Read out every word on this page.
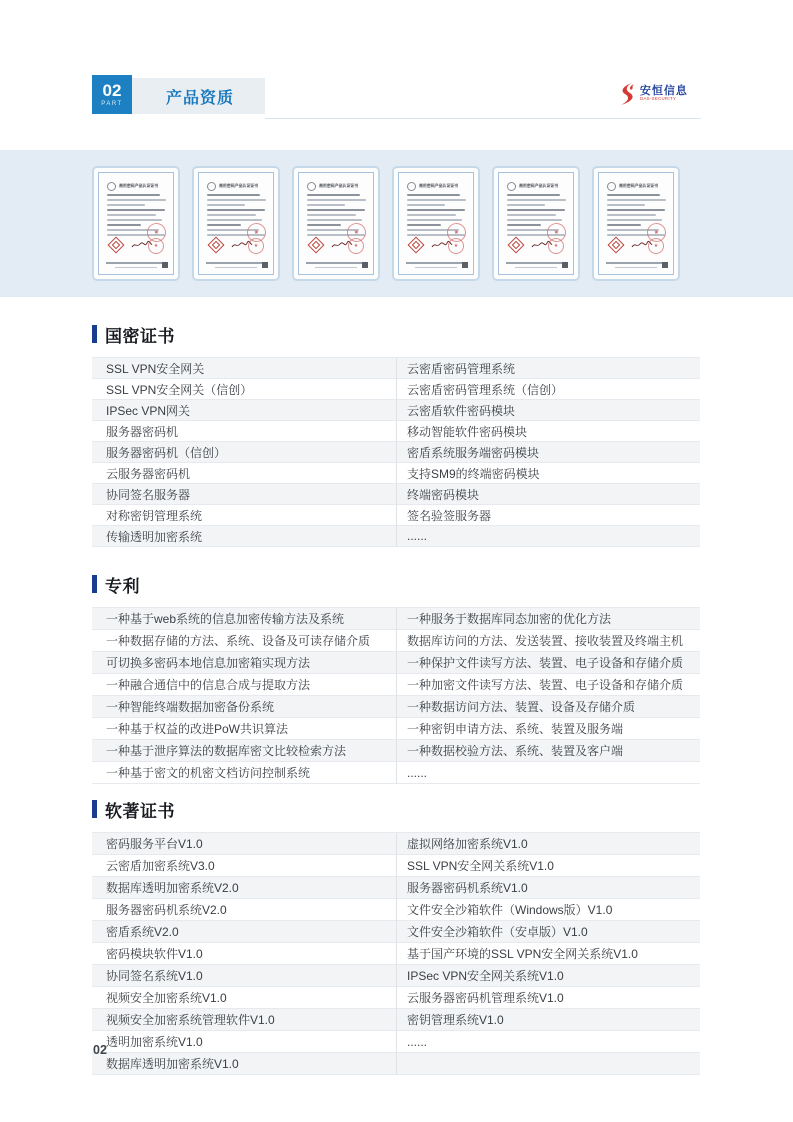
02
PART	产品资质	安恒信息
DAS-SECURITY
商用密码产品认证证书
★
★
商用密码产品认证证书
★
★
商用密码产品认证证书
★
★
商用密码产品认证证书
★
★
商用密码产品认证证书
★
★
商用密码产品认证证书
★
★
国密证书
SSL VPN安全网关	云密盾密码管理系统
SSL VPN安全网关（信创）	云密盾密码管理系统（信创）
IPSec VPN网关	云密盾软件密码模块
服务器密码机	移动智能软件密码模块
服务器密码机（信创）	密盾系统服务端密码模块
云服务器密码机	支持SM9的终端密码模块
协同签名服务器	终端密码模块
对称密钥管理系统	签名验签服务器
传输透明加密系统	......
专利
一种基于web系统的信息加密传输方法及系统	一种服务于数据库同态加密的优化方法
一种数据存储的方法、系统、设备及可读存储介质	数据库访问的方法、发送装置、接收装置及终端主机
可切换多密码本地信息加密箱实现方法	一种保护文件读写方法、装置、电子设备和存储介质
一种融合通信中的信息合成与提取方法	一种加密文件读写方法、装置、电子设备和存储介质
一种智能终端数据加密备份系统	一种数据访问方法、装置、设备及存储介质
一种基于权益的改进PoW共识算法	一种密钥申请方法、系统、装置及服务端
一种基于泄序算法的数据库密文比较检索方法	一种数据校验方法、系统、装置及客户端
一种基于密文的机密文档访问控制系统	......
软著证书
密码服务平台V1.0	虚拟网络加密系统V1.0
云密盾加密系统V3.0	SSL VPN安全网关系统V1.0
数据库透明加密系统V2.0	服务器密码机系统V1.0
服务器密码机系统V2.0	文件安全沙箱软件（Windows版）V1.0
密盾系统V2.0	文件安全沙箱软件（安卓版）V1.0
密码模块软件V1.0	基于国产环境的SSL VPN安全网关系统V1.0
协同签名系统V1.0	IPSec VPN安全网关系统V1.0
视频安全加密系统V1.0	云服务器密码机管理系统V1.0
视频安全加密系统管理软件V1.0	密钥管理系统V1.0
透明加密系统V1.0	......
数据库透明加密系统V1.0
02
